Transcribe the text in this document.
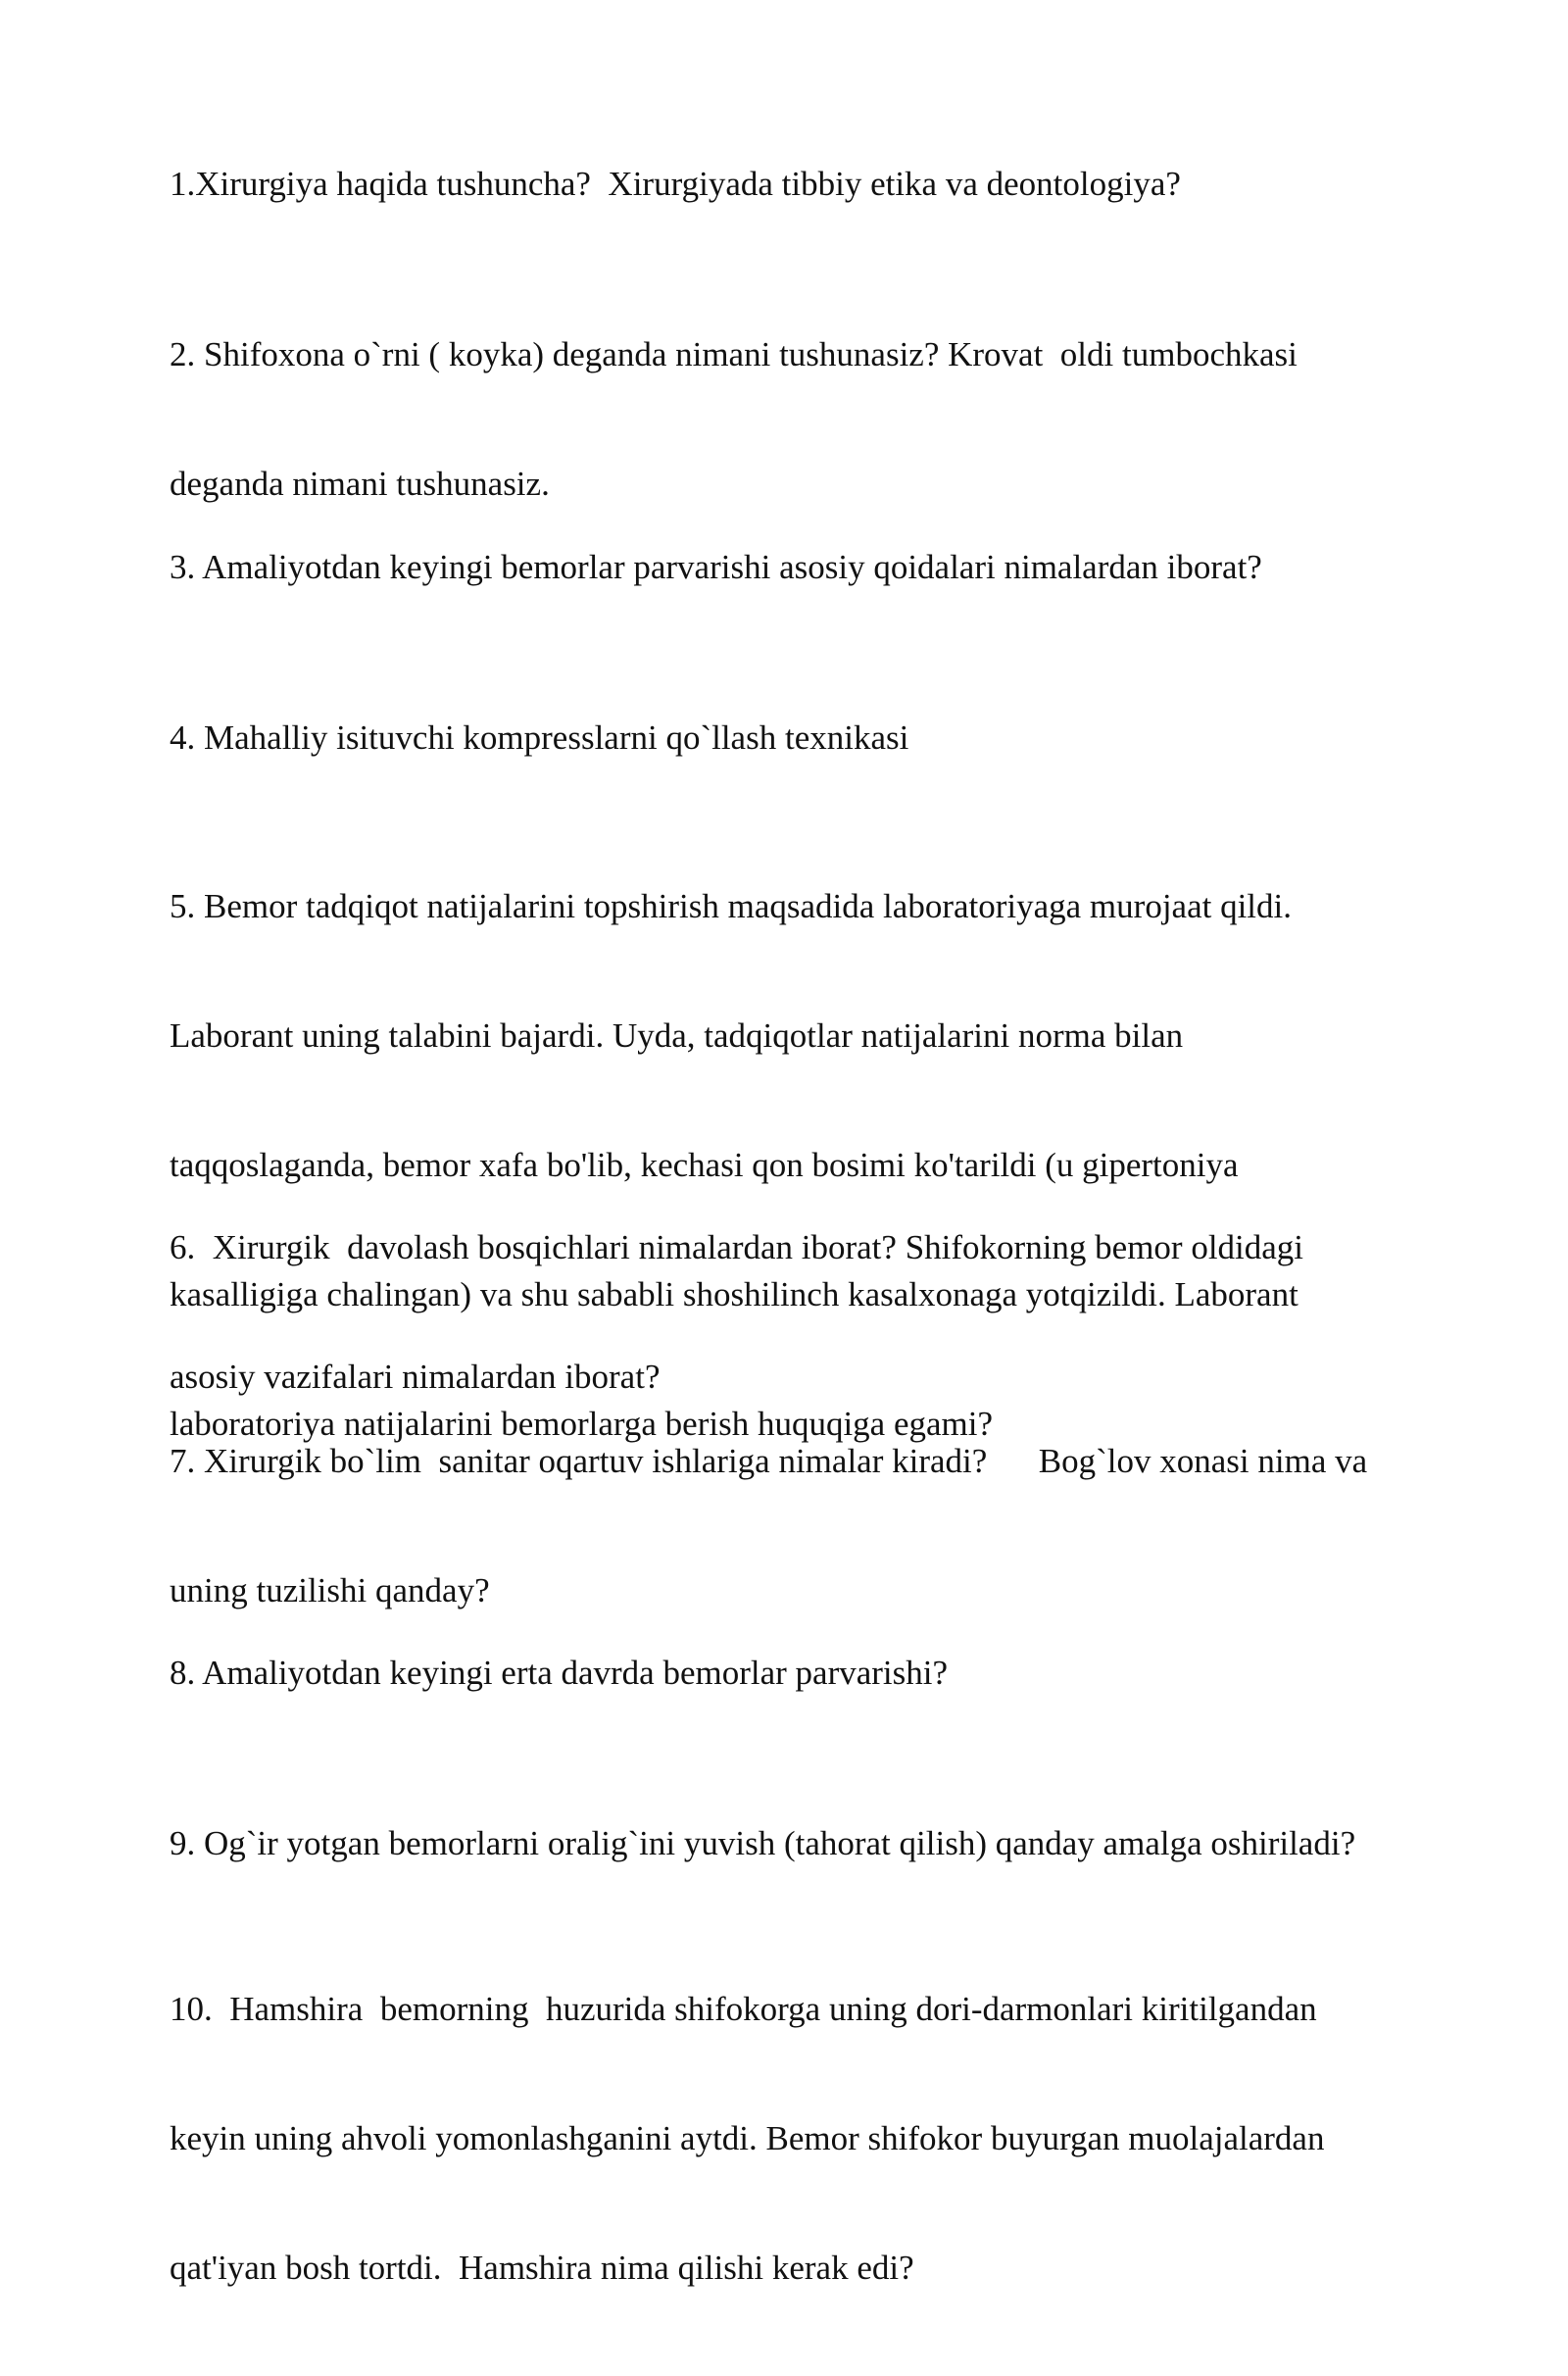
1.Xirurgiya haqida tushuncha?  Xirurgiyada tibbiy etika va deontologiya?

2. Shifoxona o`rni ( koyka) deganda nimani tushunasiz? Krovat  oldi tumbochkasi

deganda nimani tushunasiz.

3. Amaliyotdan keyingi bemorlar parvarishi asosiy qoidalari nimalardan iborat?

4. Mahalliy isituvchi kompresslarni qo`llash texnikasi

5. Bemor tadqiqot natijalarini topshirish maqsadida laboratoriyaga murojaat qildi.

Laborant uning talabini bajardi. Uyda, tadqiqotlar natijalarini norma bilan

taqqoslaganda, bemor xafa bo'lib, kechasi qon bosimi ko'tarildi (u gipertoniya

kasalligiga chalingan) va shu sababli shoshilinch kasalxonaga yotqizildi. Laborant

laboratoriya natijalarini bemorlarga berish huquqiga egami?

6.  Xirurgik  davolash bosqichlari nimalardan iborat? Shifokorning bemor oldidagi

asosiy vazifalari nimalardan iborat?

7. Xirurgik bo`lim  sanitar oqartuv ishlariga nimalar kiradi?      Bog`lov xonasi nima va

uning tuzilishi qanday?

8. Amaliyotdan keyingi erta davrda bemorlar parvarishi?

9. Og`ir yotgan bemorlarni oralig`ini yuvish (tahorat qilish) qanday amalga oshiriladi?

10.  Hamshira  bemorning  huzurida shifokorga uning dori-darmonlari kiritilgandan

keyin uning ahvoli yomonlashganini aytdi. Bemor shifokor buyurgan muolajalardan

qat'iyan bosh tortdi.  Hamshira nima qilishi kerak edi?
